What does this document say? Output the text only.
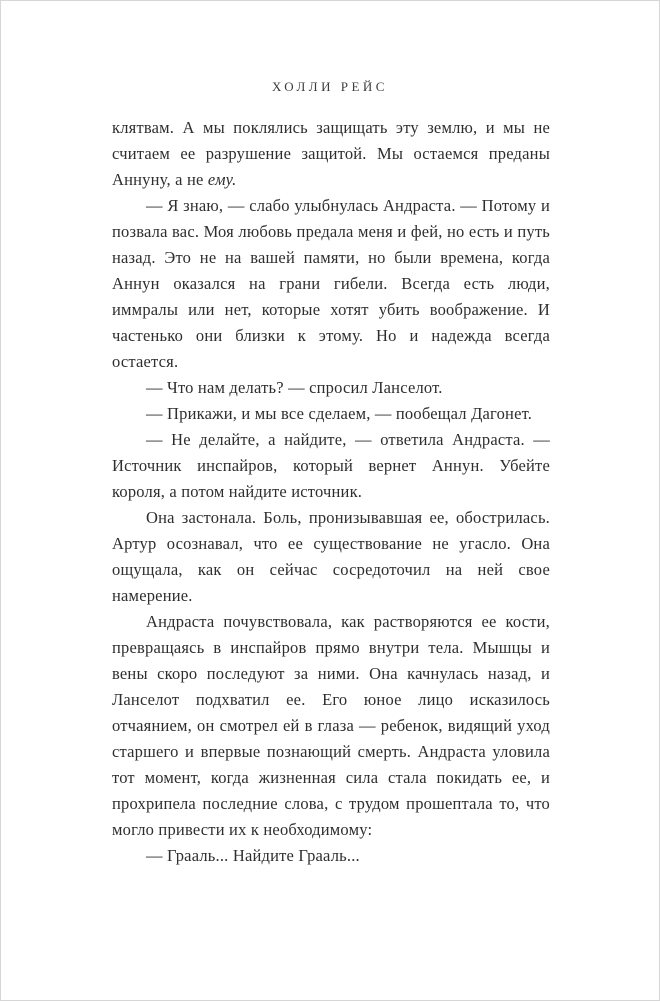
ХОЛЛИ РЕЙС

клятвам. А мы поклялись защищать эту землю, и мы не считаем ее разрушение защитой. Мы остаемся преданы Аннуну, а не ему.

— Я знаю, — слабо улыбнулась Андраста. — Потому и позвала вас. Моя любовь предала меня и фей, но есть и путь назад. Это не на вашей памяти, но были времена, когда Аннун оказался на грани гибели. Всегда есть люди, иммралы или нет, которые хотят убить воображение. И частенько они близки к этому. Но и надежда всегда остается.

— Что нам делать? — спросил Ланселот.

— Прикажи, и мы все сделаем, — пообещал Дагонет.

— Не делайте, а найдите, — ответила Андраста. — Источник инспайров, который вернет Аннун. Убейте короля, а потом найдите источник.

Она застонала. Боль, пронизывавшая ее, обострилась. Артур осознавал, что ее существование не угасло. Она ощущала, как он сейчас сосредоточил на ней свое намерение.

Андраста почувствовала, как растворяются ее кости, превращаясь в инспайров прямо внутри тела. Мышцы и вены скоро последуют за ними. Она качнулась назад, и Ланселот подхватил ее. Его юное лицо исказилось отчаянием, он смотрел ей в глаза — ребенок, видящий уход старшего и впервые познающий смерть. Андраста уловила тот момент, когда жизненная сила стала покидать ее, и прохрипела последние слова, с трудом прошептала то, что могло привести их к необходимому:

— Грааль... Найдите Грааль...
